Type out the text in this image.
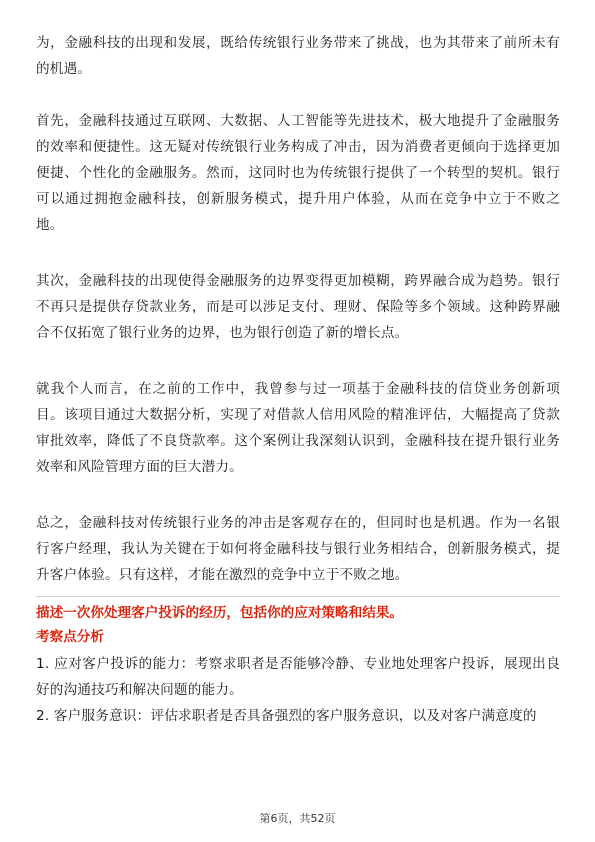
为，金融科技的出现和发展，既给传统银行业务带来了挑战，也为其带来了前所未有的机遇。

首先，金融科技通过互联网、大数据、人工智能等先进技术，极大地提升了金融服务的效率和便捷性。这无疑对传统银行业务构成了冲击，因为消费者更倾向于选择更加便捷、个性化的金融服务。然而，这同时也为传统银行提供了一个转型的契机。银行可以通过拥抱金融科技，创新服务模式，提升用户体验，从而在竞争中立于不败之地。

其次，金融科技的出现使得金融服务的边界变得更加模糊，跨界融合成为趋势。银行不再只是提供存贷款业务，而是可以涉足支付、理财、保险等多个领域。这种跨界融合不仅拓宽了银行业务的边界，也为银行创造了新的增长点。

就我个人而言，在之前的工作中，我曾参与过一项基于金融科技的信贷业务创新项目。该项目通过大数据分析，实现了对借款人信用风险的精准评估，大幅提高了贷款审批效率，降低了不良贷款率。这个案例让我深刻认识到，金融科技在提升银行业务效率和风险管理方面的巨大潜力。

总之，金融科技对传统银行业务的冲击是客观存在的，但同时也是机遇。作为一名银行客户经理，我认为关键在于如何将金融科技与银行业务相结合，创新服务模式，提升客户体验。只有这样，才能在激烈的竞争中立于不败之地。

描述一次你处理客户投诉的经历，包括你的应对策略和结果。

考察点分析

1. 应对客户投诉的能力：考察求职者是否能够冷静、专业地处理客户投诉，展现出良好的沟通技巧和解决问题的能力。

2. 客户服务意识：评估求职者是否具备强烈的客户服务意识，以及对客户满意度的

第6页，共52页
